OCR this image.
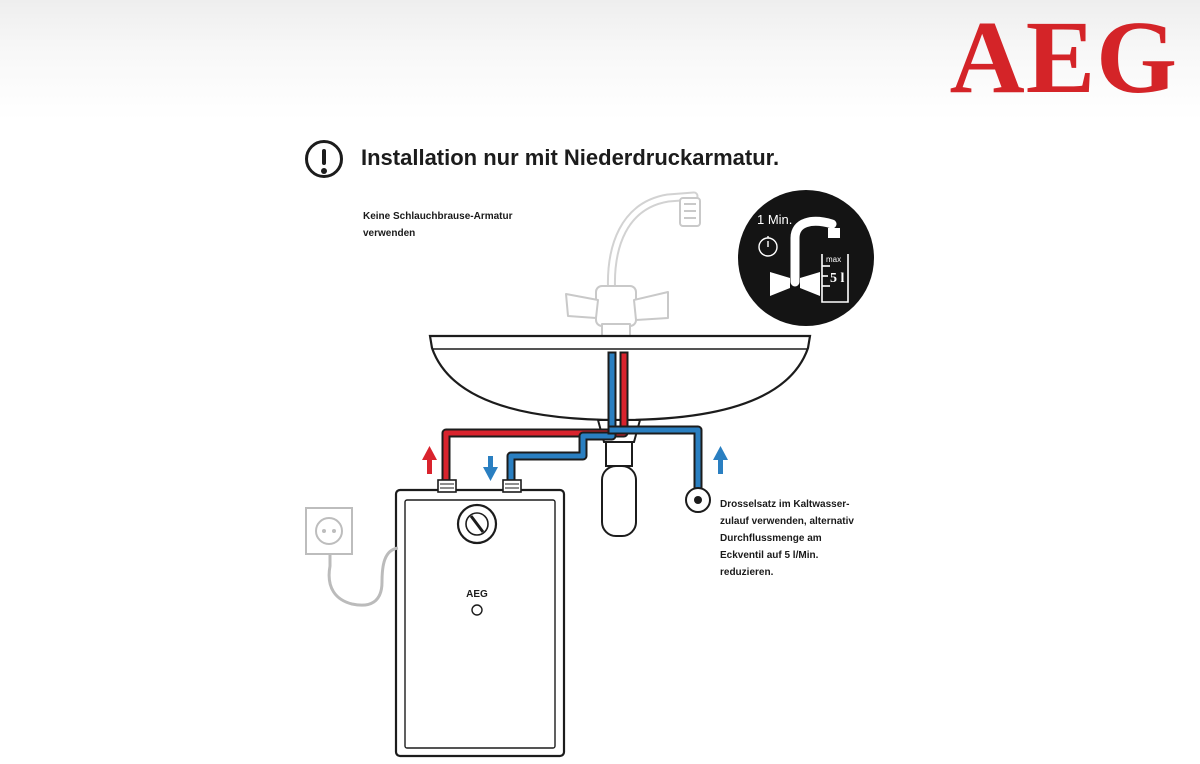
AEG
Installation nur mit Niederdruckarmatur.

Keine Schlauchbrause-Armatur
verwenden

Drosselsatz im Kaltwasser-
zulauf verwenden, alternativ
Durchflussmenge am
Eckventil auf 5 l/Min.
reduzieren.

1 Min.
max
5 l
AEG
